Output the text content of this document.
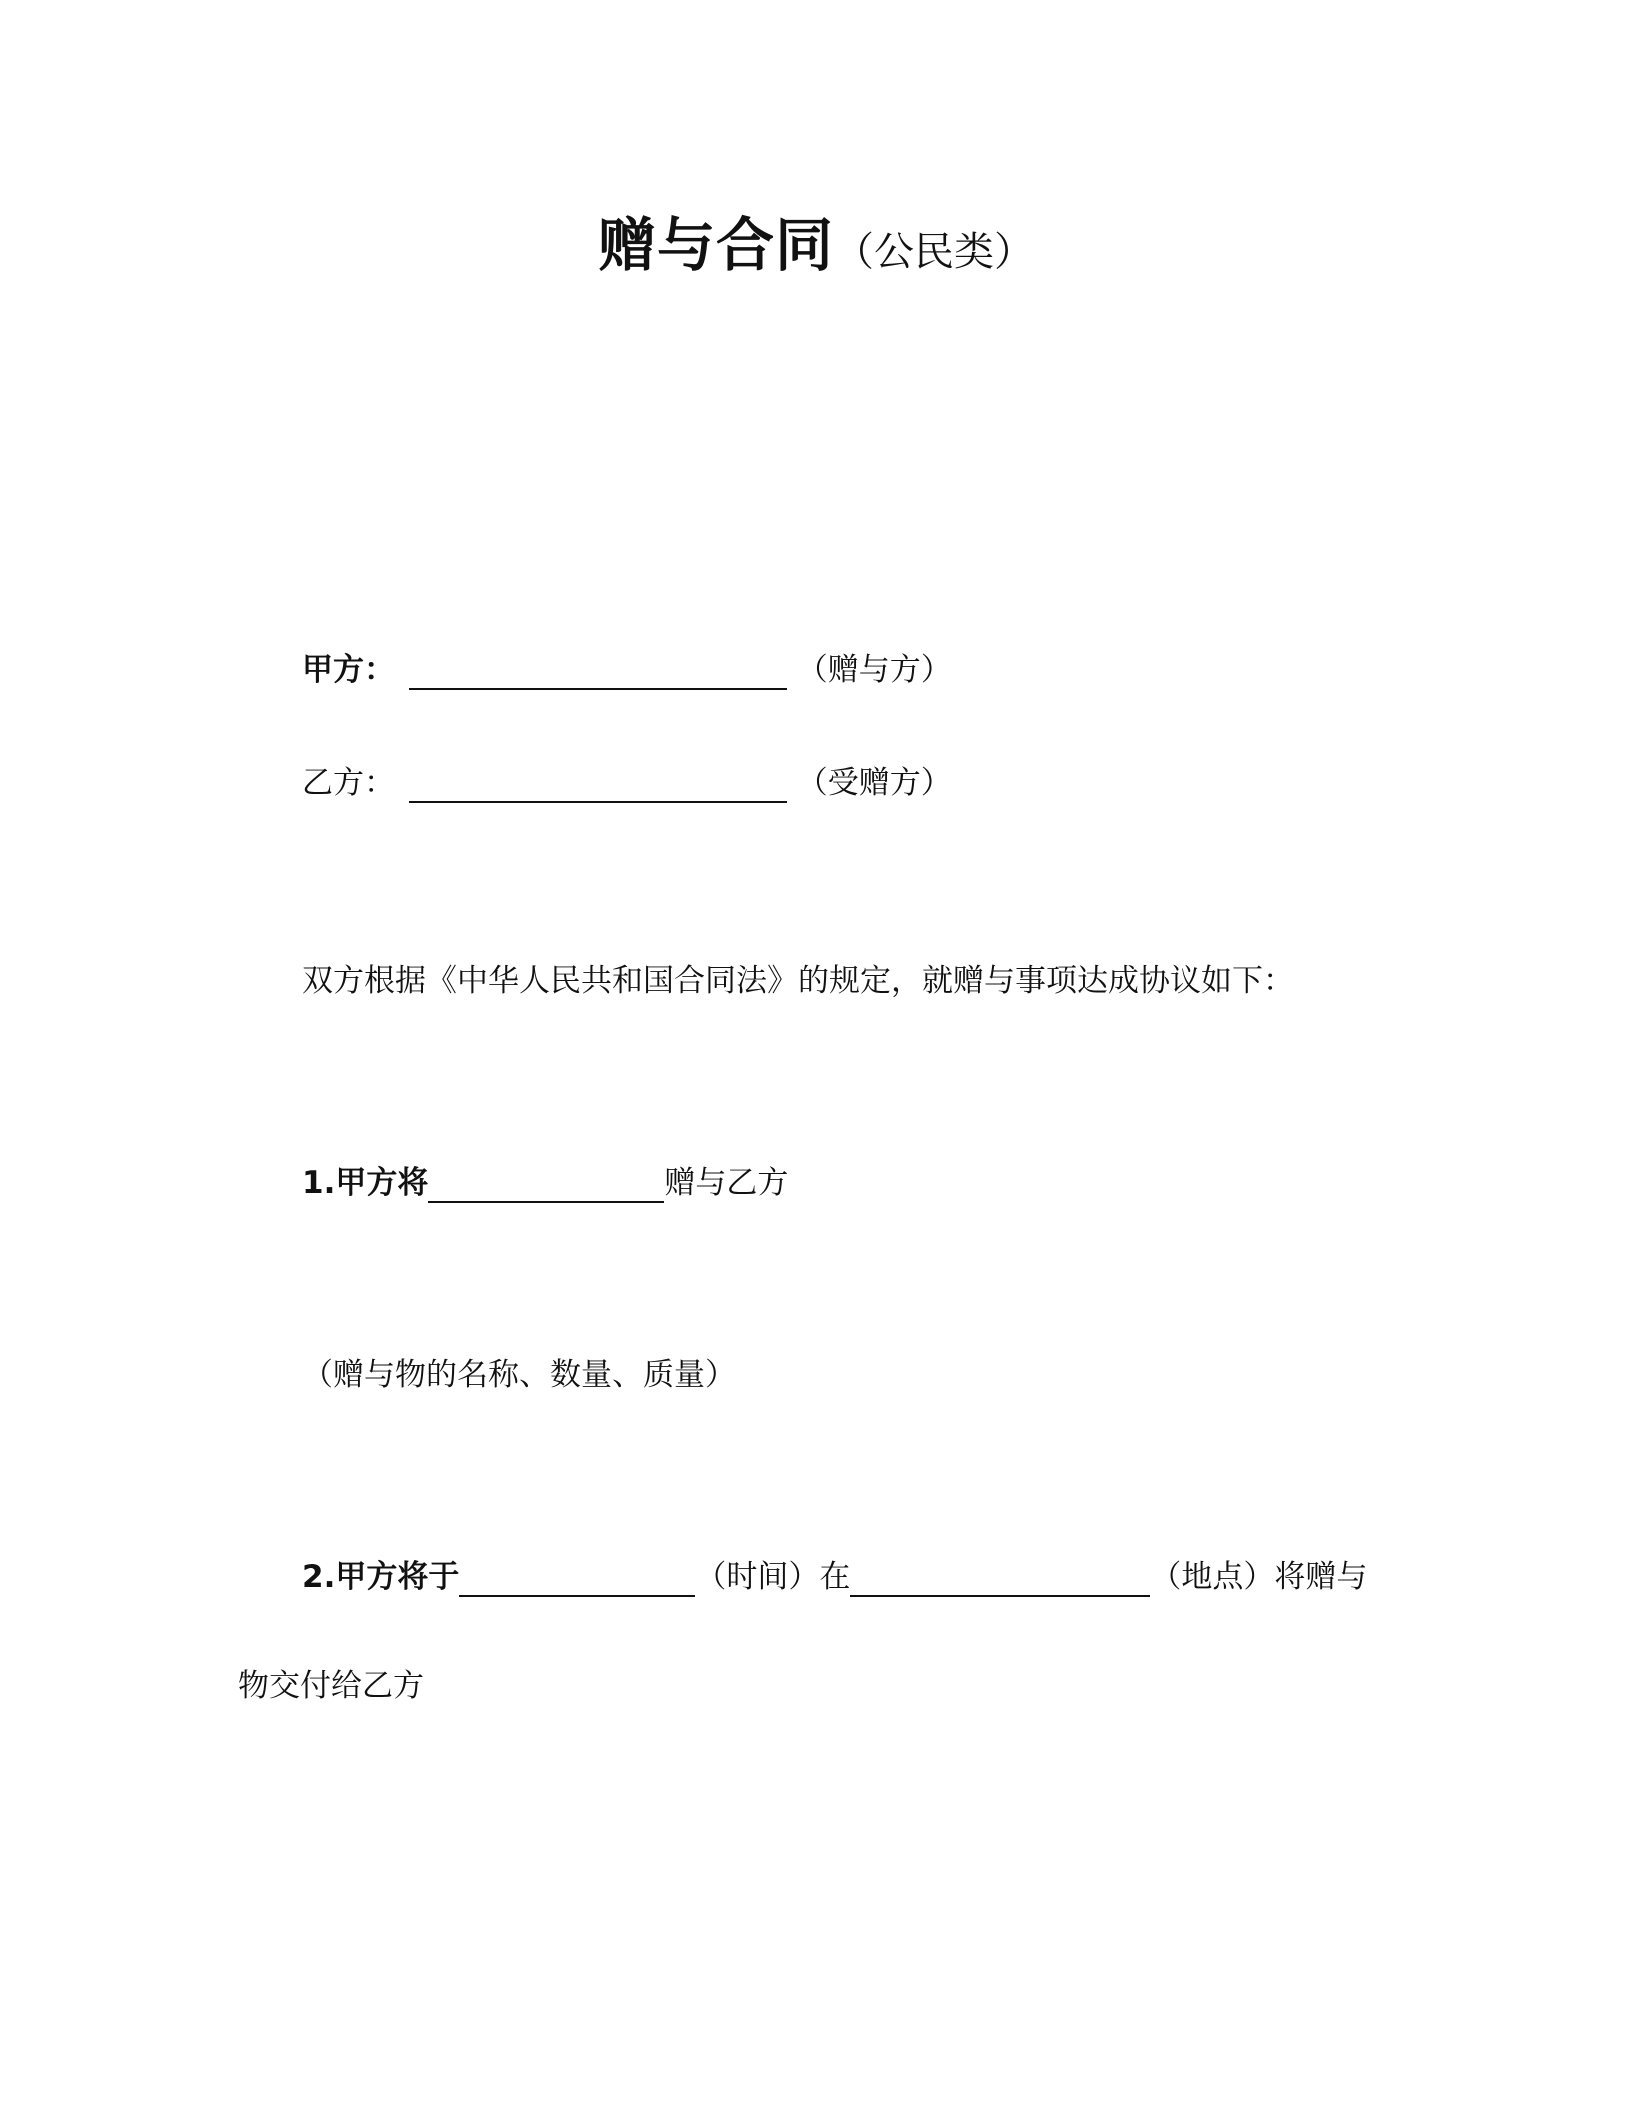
赠与合同（公民类）
甲方：	（赠与方）
乙方：	（受赠方）
双方根据《中华人民共和国合同法》的规定，就赠与事项达成协议如下：
1.甲方将	赠与乙方
（赠与物的名称、数量、质量）
2.甲方将于	（时间）在	（地点）将赠与
物交付给乙方
